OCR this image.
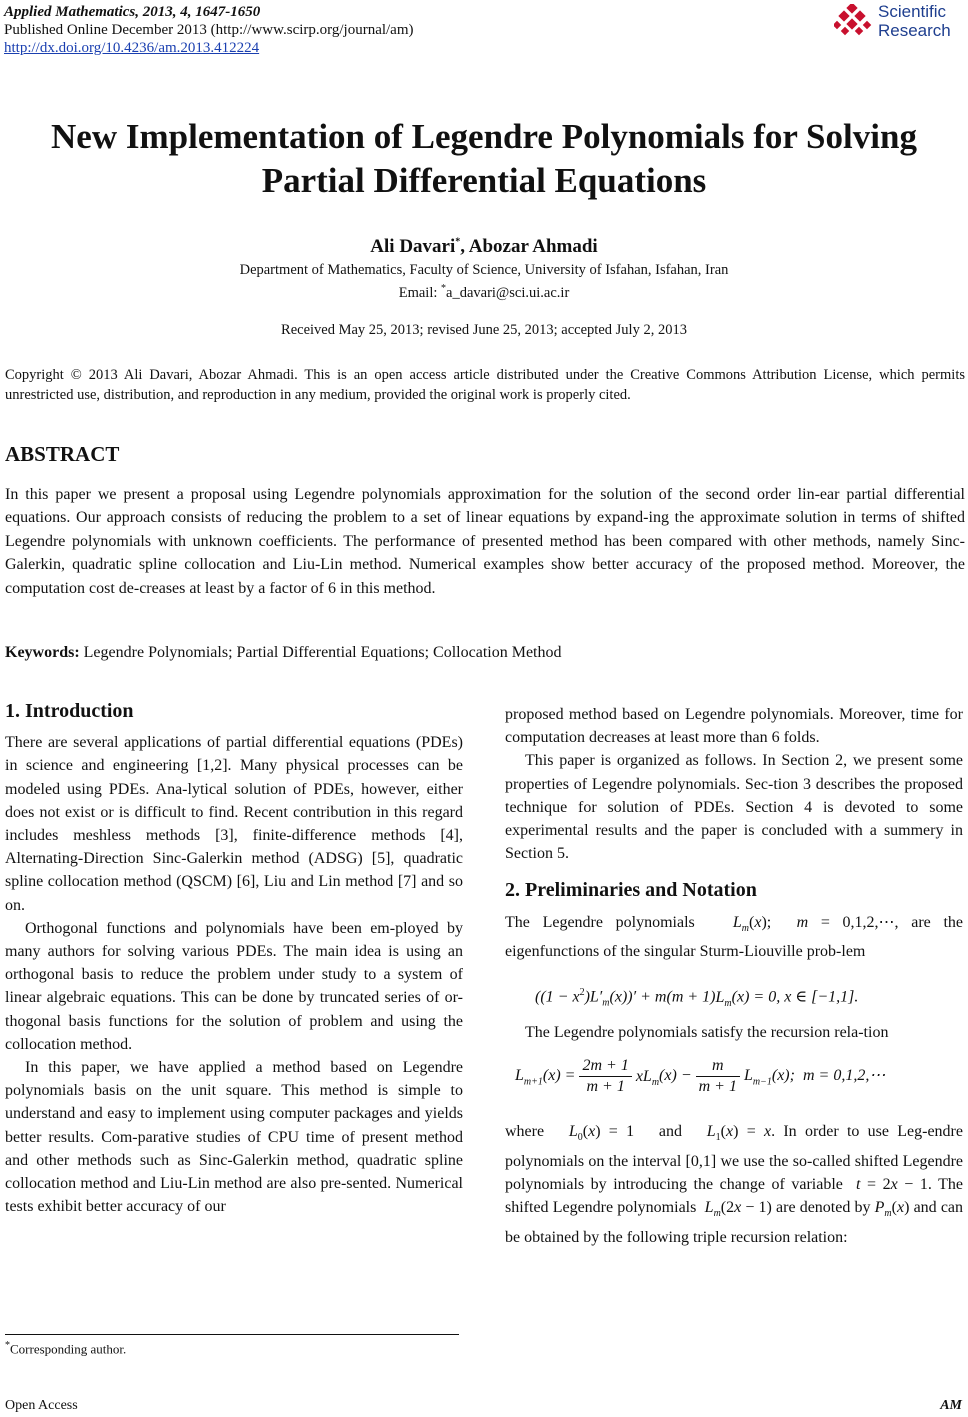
Applied Mathematics, 2013, 4, 1647-1650
Published Online December 2013 (http://www.scirp.org/journal/am)
http://dx.doi.org/10.4236/am.2013.412224
Scientific
Research
New Implementation of Legendre Polynomials for Solving Partial Differential Equations
Ali Davari*, Abozar Ahmadi
Department of Mathematics, Faculty of Science, University of Isfahan, Isfahan, Iran
Email: *a_davari@sci.ui.ac.ir
Received May 25, 2013; revised June 25, 2013; accepted July 2, 2013

Copyright © 2013 Ali Davari, Abozar Ahmadi. This is an open access article distributed under the Creative Commons Attribution License, which permits unrestricted use, distribution, and reproduction in any medium, provided the original work is properly cited.

ABSTRACT

In this paper we present a proposal using Legendre polynomials approximation for the solution of the second order lin-ear partial differential equations. Our approach consists of reducing the problem to a set of linear equations by expand-ing the approximate solution in terms of shifted Legendre polynomials with unknown coefficients. The performance of presented method has been compared with other methods, namely Sinc-Galerkin, quadratic spline collocation and Liu-Lin method. Numerical examples show better accuracy of the proposed method. Moreover, the computation cost de-creases at least by a factor of 6 in this method.

Keywords: Legendre Polynomials; Partial Differential Equations; Collocation Method

1. Introduction

There are several applications of partial differential equations (PDEs) in science and engineering [1,2]. Many physical processes can be modeled using PDEs. Ana-lytical solution of PDEs, however, either does not exist or is difficult to find. Recent contribution in this regard includes meshless methods [3], finite-difference methods [4], Alternating-Direction Sinc-Galerkin method (ADSG) [5], quadratic spline collocation method (QSCM) [6], Liu and Lin method [7] and so on.

Orthogonal functions and polynomials have been em-ployed by many authors for solving various PDEs. The main idea is using an orthogonal basis to reduce the problem under study to a system of linear algebraic equations. This can be done by truncated series of or-thogonal basis functions for the solution of problem and using the collocation method.

In this paper, we have applied a method based on Legendre polynomials basis on the unit square. This method is simple to understand and easy to implement using computer packages and yields better results. Com-parative studies of CPU time of present method and other methods such as Sinc-Galerkin method, quadratic spline collocation method and Liu-Lin method are also pre-sented. Numerical tests exhibit better accuracy of our

proposed method based on Legendre polynomials. Moreover, time for computation decreases at least more than 6 folds.

This paper is organized as follows. In Section 2, we present some properties of Legendre polynomials. Sec-tion 3 describes the proposed technique for solution of PDEs. Section 4 is devoted to some experimental results and the paper is concluded with a summery in Section 5.

2. Preliminaries and Notation

The Legendre polynomials $L_m(x)$;  m = 0,1,2,⋯, are the eigenfunctions of the singular Sturm-Liouville prob-lem

$((1 - x^2)L'_m(x))' + m(m + 1)L_m(x) = 0$, x ∈ [−1,1].

The Legendre polynomials satisfy the recursion rela-tion

$L_{m+1}(x) = \frac{2m + 1}{m + 1} xL_m(x) - \frac{m}{m + 1} L_{m-1}(x)$;  m = 0,1,2,⋯

where $L_0(x) = 1$   and $L_1(x) = x$. In order to use Leg-endre polynomials on the interval [0,1] we use the so-called shifted Legendre polynomials by introducing the change of variable t = 2x − 1. The shifted Legendre polynomials $L_m(2x - 1)$ are denoted by $P_m(x)$ and can be obtained by the following triple recursion relation:

*Corresponding author.
Open Access	AM
